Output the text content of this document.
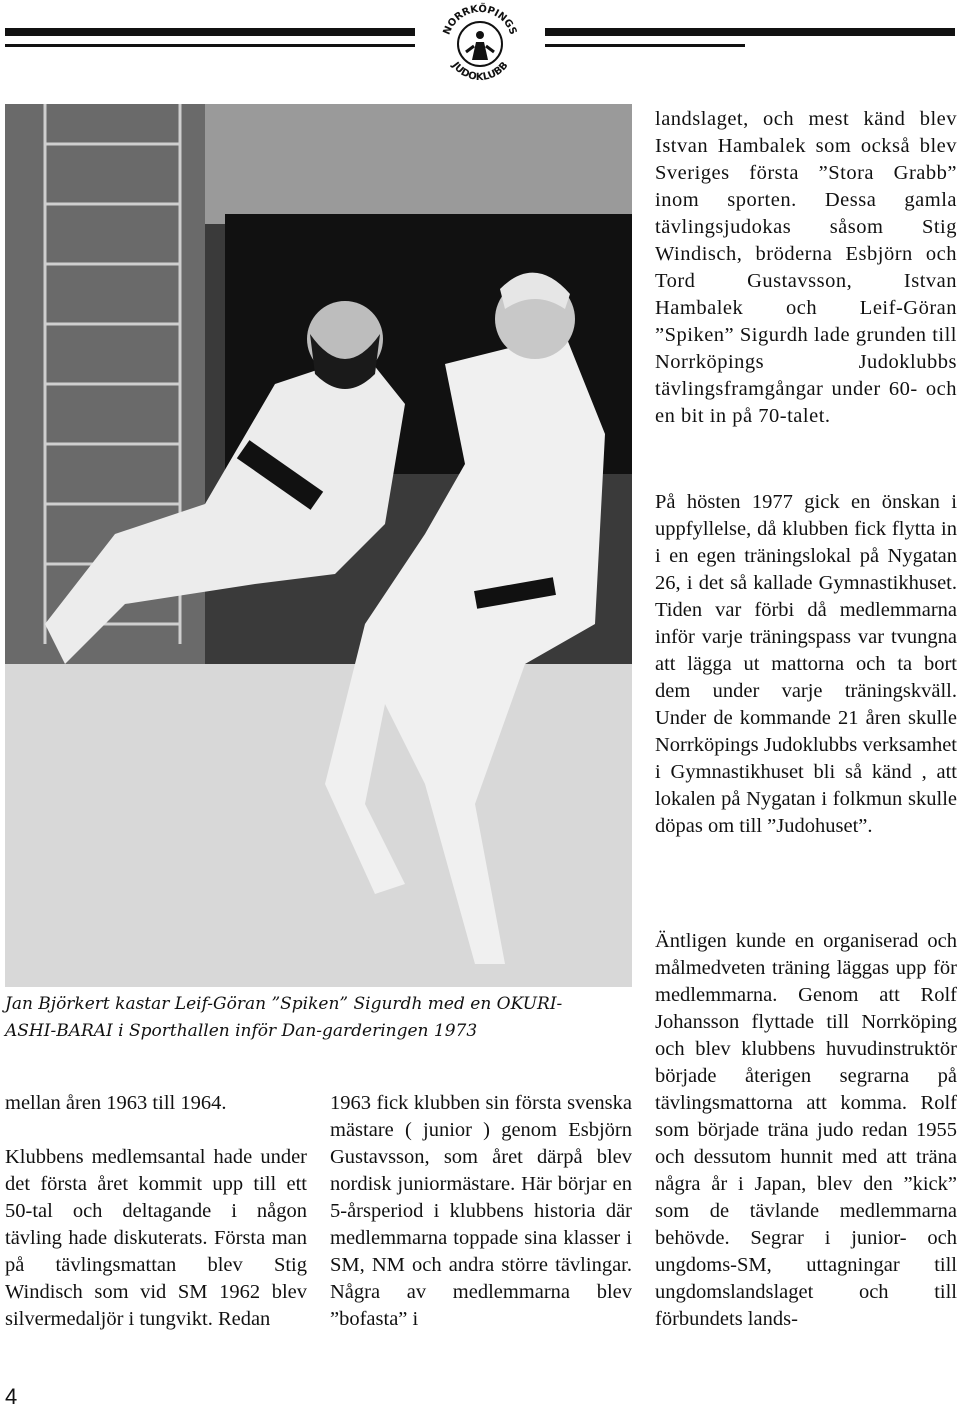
NORRKÖPINGS
JUDOKLUBB
Jan Björkert kastar Leif-Göran ”Spiken” Sigurdh med en OKURI-ASHI-BARAI i Sporthallen inför Dan-garderingen 1973

mellan åren 1963 till 1964.

Klubbens medlemsantal hade under det första året kommit upp till ett 50-tal och deltagande i någon tävling hade diskuterats. Första man på tävlingsmattan blev Stig Windisch som vid SM 1962 blev silvermedaljör i tungvikt. Redan

1963 fick klubben sin första svenska mästare ( junior ) genom Esbjörn Gustavsson, som året därpå blev nordisk juniormästare. Här börjar en 5-årsperiod i klubbens historia där medlemmarna toppade sina klasser i SM, NM och andra större tävlingar. Några av medlemmarna blev ”bofasta” i

landslaget, och mest känd blev Istvan Hambalek som också blev Sveriges första ”Stora Grabb” inom sporten. Dessa gamla tävlingsjudokas såsom Stig Windisch, bröderna Esbjörn och Tord Gustavsson, Istvan Hambalek och Leif-Göran ”Spiken” Sigurdh lade grunden till Norrköpings Judoklubbs tävlingsframgångar under 60- och en bit in på 70-talet.

På hösten 1977 gick en önskan i uppfyllelse, då klubben fick flytta in i en egen träningslokal på Nygatan 26, i det så kallade Gymnastikhuset. Tiden var förbi då medlemmarna inför varje träningspass var tvungna att lägga ut mattorna och ta bort dem under varje träningskväll. Under de kommande 21 åren skulle Norrköpings Judoklubbs verksamhet i Gymnastikhuset bli så känd , att lokalen på Nygatan i folkmun skulle döpas om till ”Judohuset”.

Äntligen kunde en organiserad och målmedveten träning läggas upp för medlemmarna. Genom att Rolf Johansson flyttade till Norrköping och blev klubbens huvudinstruktör började återigen segrarna på tävlingsmattorna att komma. Rolf som började träna judo redan 1955 och dessutom hunnit med att träna några år i Japan, blev den ”kick” som de tävlande medlemmarna behövde. Segrar i junior- och ungdoms-SM, uttagningar till ungdomslandslaget och till förbundets lands-

4
